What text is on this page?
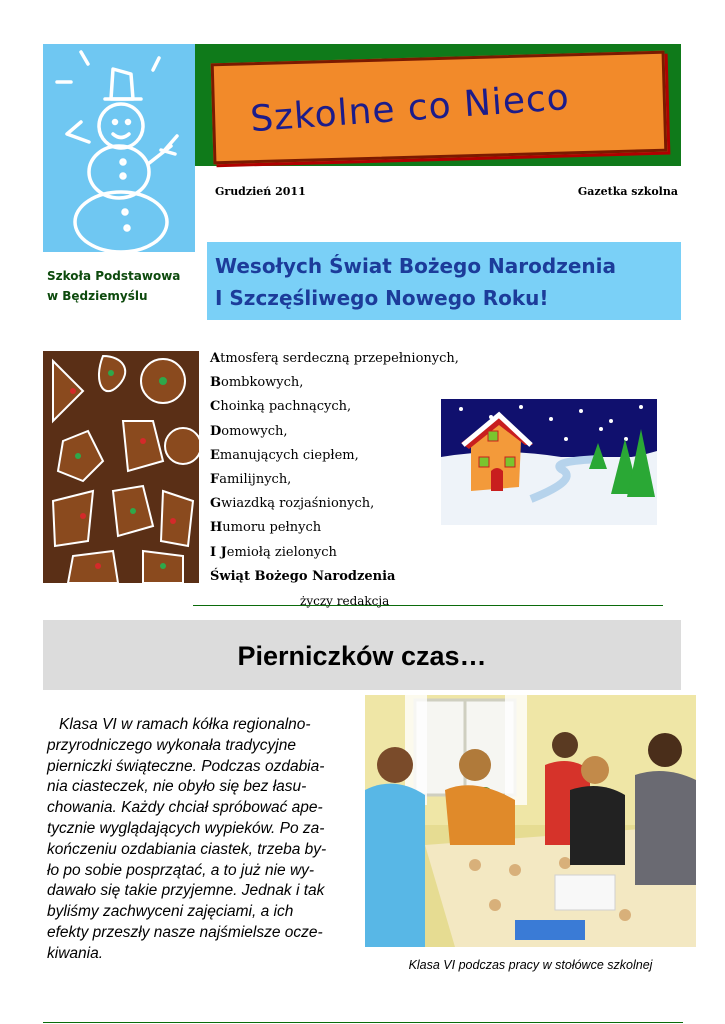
Szkolne co Nieco
Grudzień 2011	Gazetka szkolna
Szkoła Podstawowa
w Będziemyślu
Wesołych Świat Bożego Narodzenia
I Szczęśliwego Nowego Roku!
Atmosferą serdeczną przepełnionych,
Bombkowych,
Choinką pachnących,
Domowych,
Emanujących ciepłem,
Familijnych,
Gwiazdką rozjaśnionych,
Humoru pełnych
I Jemiołą zielonych
Świąt Bożego Narodzenia
życzy redakcja
Pierniczków czas…
Klasa VI w ramach kółka regionalno-
przyrodniczego wykonała tradycyjne
pierniczki świąteczne. Podczas ozdabia-
nia ciasteczek, nie obyło się bez łasu-
chowania. Każdy chciał spróbować ape-
tycznie wyglądających wypieków. Po za-
kończeniu ozdabiania ciastek, trzeba by-
ło po sobie posprzątać, a to już nie wy-
dawało się takie przyjemne. Jednak i tak
byliśmy zachwyceni zajęciami, a ich
efekty przeszły nasze najśmielsze ocze-
kiwania.
Klasa VI podczas pracy w stołówce szkolnej
